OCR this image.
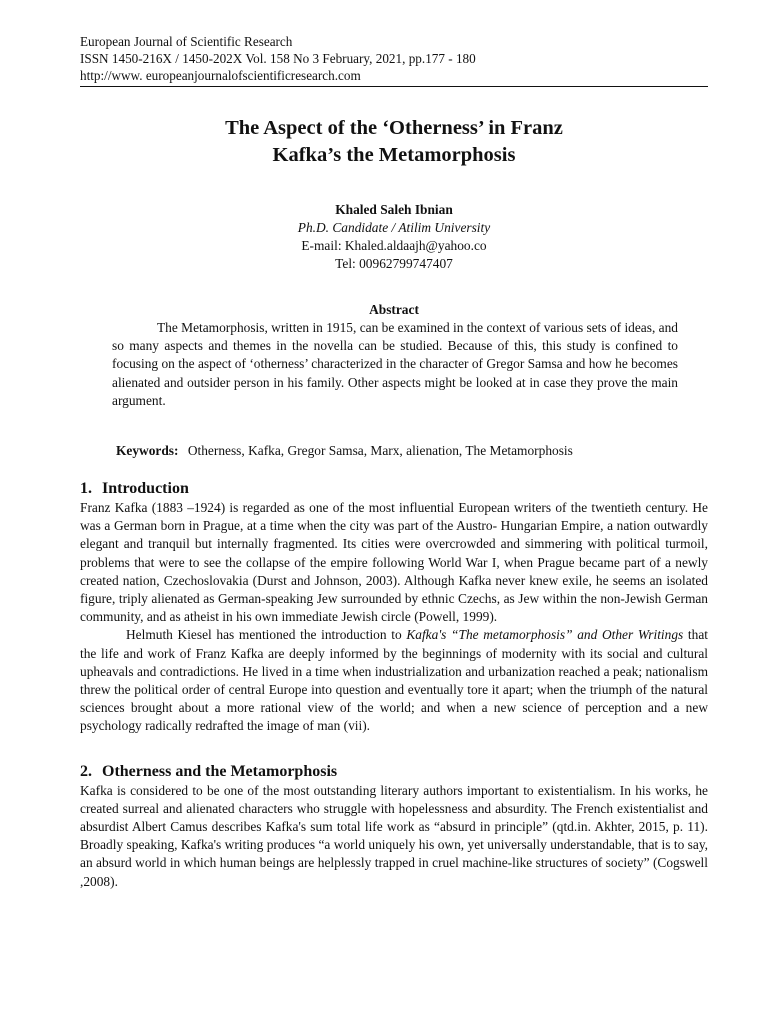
European Journal of Scientific Research
ISSN 1450-216X / 1450-202X Vol. 158 No 3 February, 2021, pp.177 - 180
http://www. europeanjournalofscientificresearch.com
The Aspect of the ‘Otherness’ in Franz
Kafka’s the Metamorphosis
Khaled Saleh Ibnian
Ph.D. Candidate / Atilim University
E-mail: Khaled.aldaajh@yahoo.co
Tel: 00962799747407
Abstract

The Metamorphosis, written in 1915, can be examined in the context of various sets of ideas, and so many aspects and themes in the novella can be studied. Because of this, this study is confined to focusing on the aspect of ‘otherness’ characterized in the character of Gregor Samsa and how he becomes alienated and outsider person in his family. Other aspects might be looked at in case they prove the main argument.

Keywords: Otherness, Kafka, Gregor Samsa, Marx, alienation, The Metamorphosis
1. Introduction

Franz Kafka (1883 –1924) is regarded as one of the most influential European writers of the twentieth century. He was a German born in Prague, at a time when the city was part of the Austro- Hungarian Empire, a nation outwardly elegant and tranquil but internally fragmented. Its cities were overcrowded and simmering with political turmoil, problems that were to see the collapse of the empire following World War I, when Prague became part of a newly created nation, Czechoslovakia (Durst and Johnson, 2003). Although Kafka never knew exile, he seems an isolated figure, triply alienated as German-speaking Jew surrounded by ethnic Czechs, as Jew within the non-Jewish German community, and as atheist in his own immediate Jewish circle (Powell, 1999).

Helmuth Kiesel has mentioned the introduction to Kafka's “The metamorphosis” and Other Writings that the life and work of Franz Kafka are deeply informed by the beginnings of modernity with its social and cultural upheavals and contradictions. He lived in a time when industrialization and urbanization reached a peak; nationalism threw the political order of central Europe into question and eventually tore it apart; when the triumph of the natural sciences brought about a more rational view of the world; and when a new science of perception and a new psychology radically redrafted the image of man (vii).

2. Otherness and the Metamorphosis

Kafka is considered to be one of the most outstanding literary authors important to existentialism. In his works, he created surreal and alienated characters who struggle with hopelessness and absurdity. The French existentialist and absurdist Albert Camus describes Kafka's sum total life work as “absurd in principle” (qtd.in. Akhter, 2015, p. 11). Broadly speaking, Kafka's writing produces “a world uniquely his own, yet universally understandable, that is to say, an absurd world in which human beings are helplessly trapped in cruel machine-like structures of society” (Cogswell ,2008).
